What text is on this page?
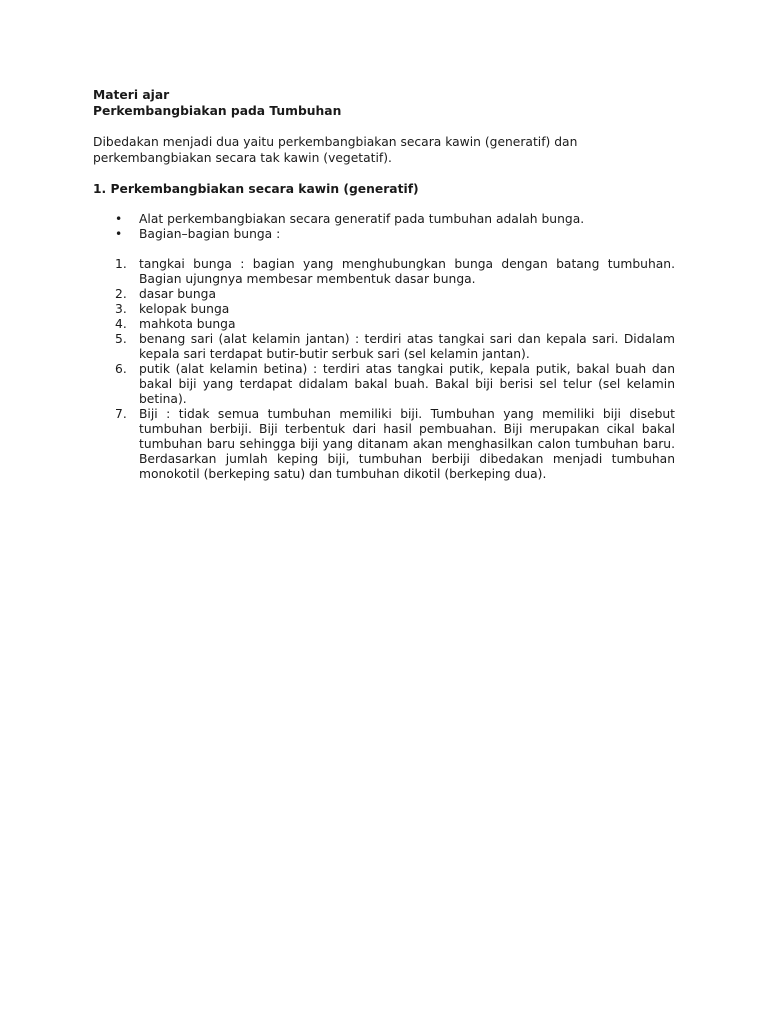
Materi ajar
Perkembangbiakan pada Tumbuhan
Dibedakan menjadi dua yaitu perkembangbiakan secara kawin (generatif) dan perkembangbiakan secara tak kawin (vegetatif).
1. Perkembangbiakan secara kawin (generatif)
•	Alat perkembangbiakan secara generatif pada tumbuhan adalah bunga.
•	Bagian–bagian bunga :
1. tangkai bunga : bagian yang menghubungkan bunga dengan batang tumbuhan. Bagian ujungnya membesar membentuk dasar bunga.
2. dasar bunga
3. kelopak bunga
4. mahkota bunga
5. benang sari (alat kelamin jantan) : terdiri atas tangkai sari dan kepala sari. Didalam kepala sari terdapat butir-butir serbuk sari (sel kelamin jantan).
6. putik (alat kelamin betina) : terdiri atas tangkai putik, kepala putik, bakal buah dan bakal biji yang terdapat didalam bakal buah. Bakal biji berisi sel telur (sel kelamin betina).
7. Biji : tidak semua tumbuhan memiliki biji. Tumbuhan yang memiliki biji disebut tumbuhan berbiji. Biji terbentuk dari hasil pembuahan. Biji merupakan cikal bakal tumbuhan baru sehingga biji yang ditanam akan menghasilkan calon tumbuhan baru. Berdasarkan jumlah keping biji, tumbuhan berbiji dibedakan menjadi tumbuhan monokotil (berkeping satu) dan tumbuhan dikotil (berkeping dua).
